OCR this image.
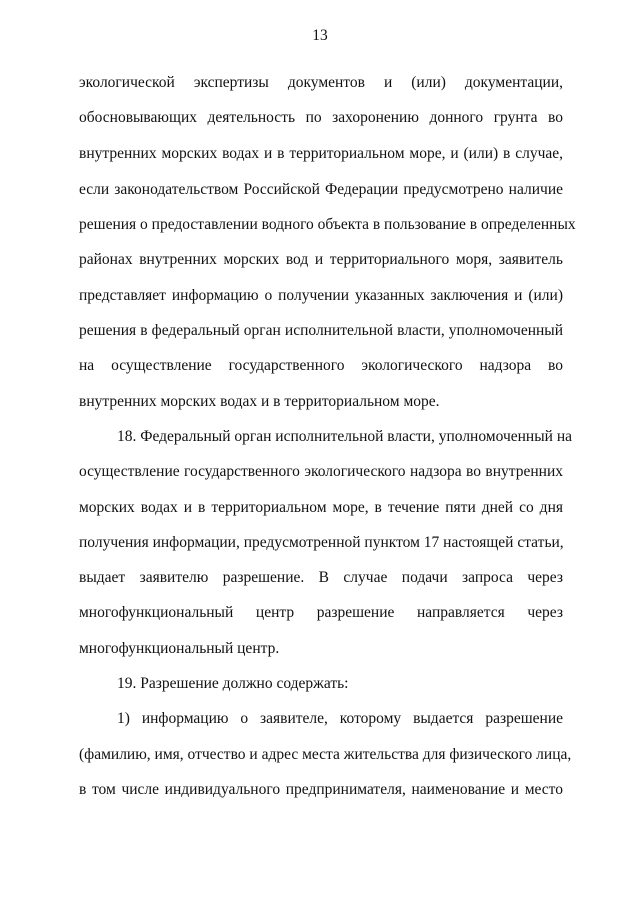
13
экологической экспертизы документов и (или) документации,
обосновывающих деятельность по захоронению донного грунта во
внутренних морских водах и в территориальном море, и (или) в случае,
если законодательством Российской Федерации предусмотрено наличие
решения о предоставлении водного объекта в пользование в определенных
районах внутренних морских вод и территориального моря, заявитель
представляет информацию о получении указанных заключения и (или)
решения в федеральный орган исполнительной власти, уполномоченный
на осуществление государственного экологического надзора во
внутренних морских водах и в территориальном море.
18. Федеральный орган исполнительной власти, уполномоченный на
осуществление государственного экологического надзора во внутренних
морских водах и в территориальном море, в течение пяти дней со дня
получения информации, предусмотренной пунктом 17 настоящей статьи,
выдает заявителю разрешение. В случае подачи запроса через
многофункциональный центр разрешение направляется через
многофункциональный центр.
19. Разрешение должно содержать:
1) информацию о заявителе, которому выдается разрешение
(фамилию, имя, отчество и адрес места жительства для физического лица,
в том числе индивидуального предпринимателя, наименование и место
